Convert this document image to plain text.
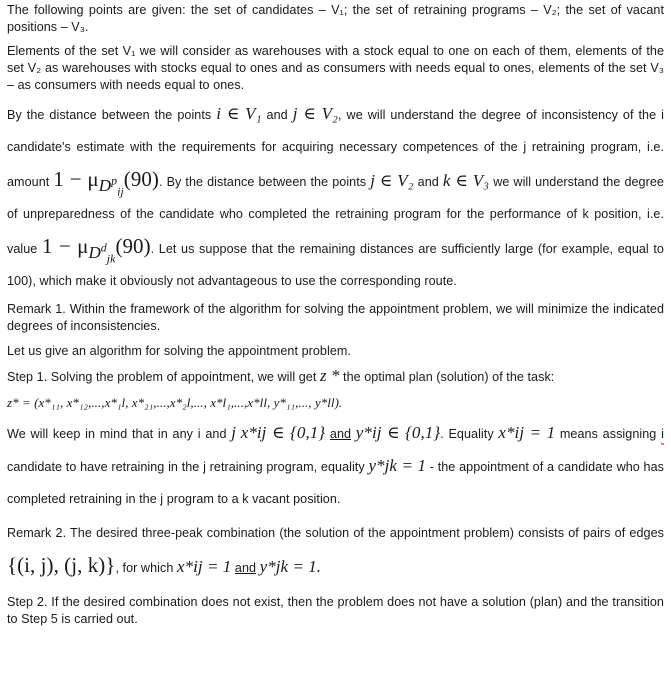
The following points are given: the set of candidates – V₁; the set of retraining programs – V₂; the set of vacant positions – V₃.

Elements of the set V₁ we will consider as warehouses with a stock equal to one on each of them, elements of the set V₂ as warehouses with stocks equal to ones and as consumers with needs equal to ones, elements of the set V₃ – as consumers with needs equal to ones.

By the distance between the points i ∈ V₁ and j ∈ V₂, we will understand the degree of inconsistency of the i candidate's estimate with the requirements for acquiring necessary competences of the j retraining program, i.e. amount $1 - \mu_{D^p_{ij}}(90)$. By the distance between the points j ∈ V₂ and k ∈ V₃ we will understand the degree of unpreparedness of the candidate who completed the retraining program for the performance of k position, i.e. value $1 - \mu_{D^d_{jk}}(90)$. Let us suppose that the remaining distances are sufficiently large (for example, equal to 100), which make it obviously not advantageous to use the corresponding route.

Remark 1. Within the framework of the algorithm for solving the appointment problem, we will minimize the indicated degrees of inconsistencies.

Let us give an algorithm for solving the appointment problem.

Step 1. Solving the problem of appointment, we will get z * the optimal plan (solution) of the task:

z* = (x*₁₁, x*₁₂,...,x*₁l, x*₂₁,...,x*₂l,..., x*l₁,...,x*ll, y*₁₁,..., y*ll).

We will keep in mind that in any i and j x*ij ∈ {0,1} and y*ij ∈ {0,1}. Equality x*ij = 1 means assigning i candidate to have retraining in the j retraining program, equality y*jk = 1 - the appointment of a candidate who has completed retraining in the j program to a k vacant position.

Remark 2. The desired three-peak combination (the solution of the appointment problem) consists of pairs of edges {(i, j), (j, k)}, for which x*ij = 1 and y*jk = 1.

Step 2. If the desired combination does not exist, then the problem does not have a solution (plan) and the transition to Step 5 is carried out.
